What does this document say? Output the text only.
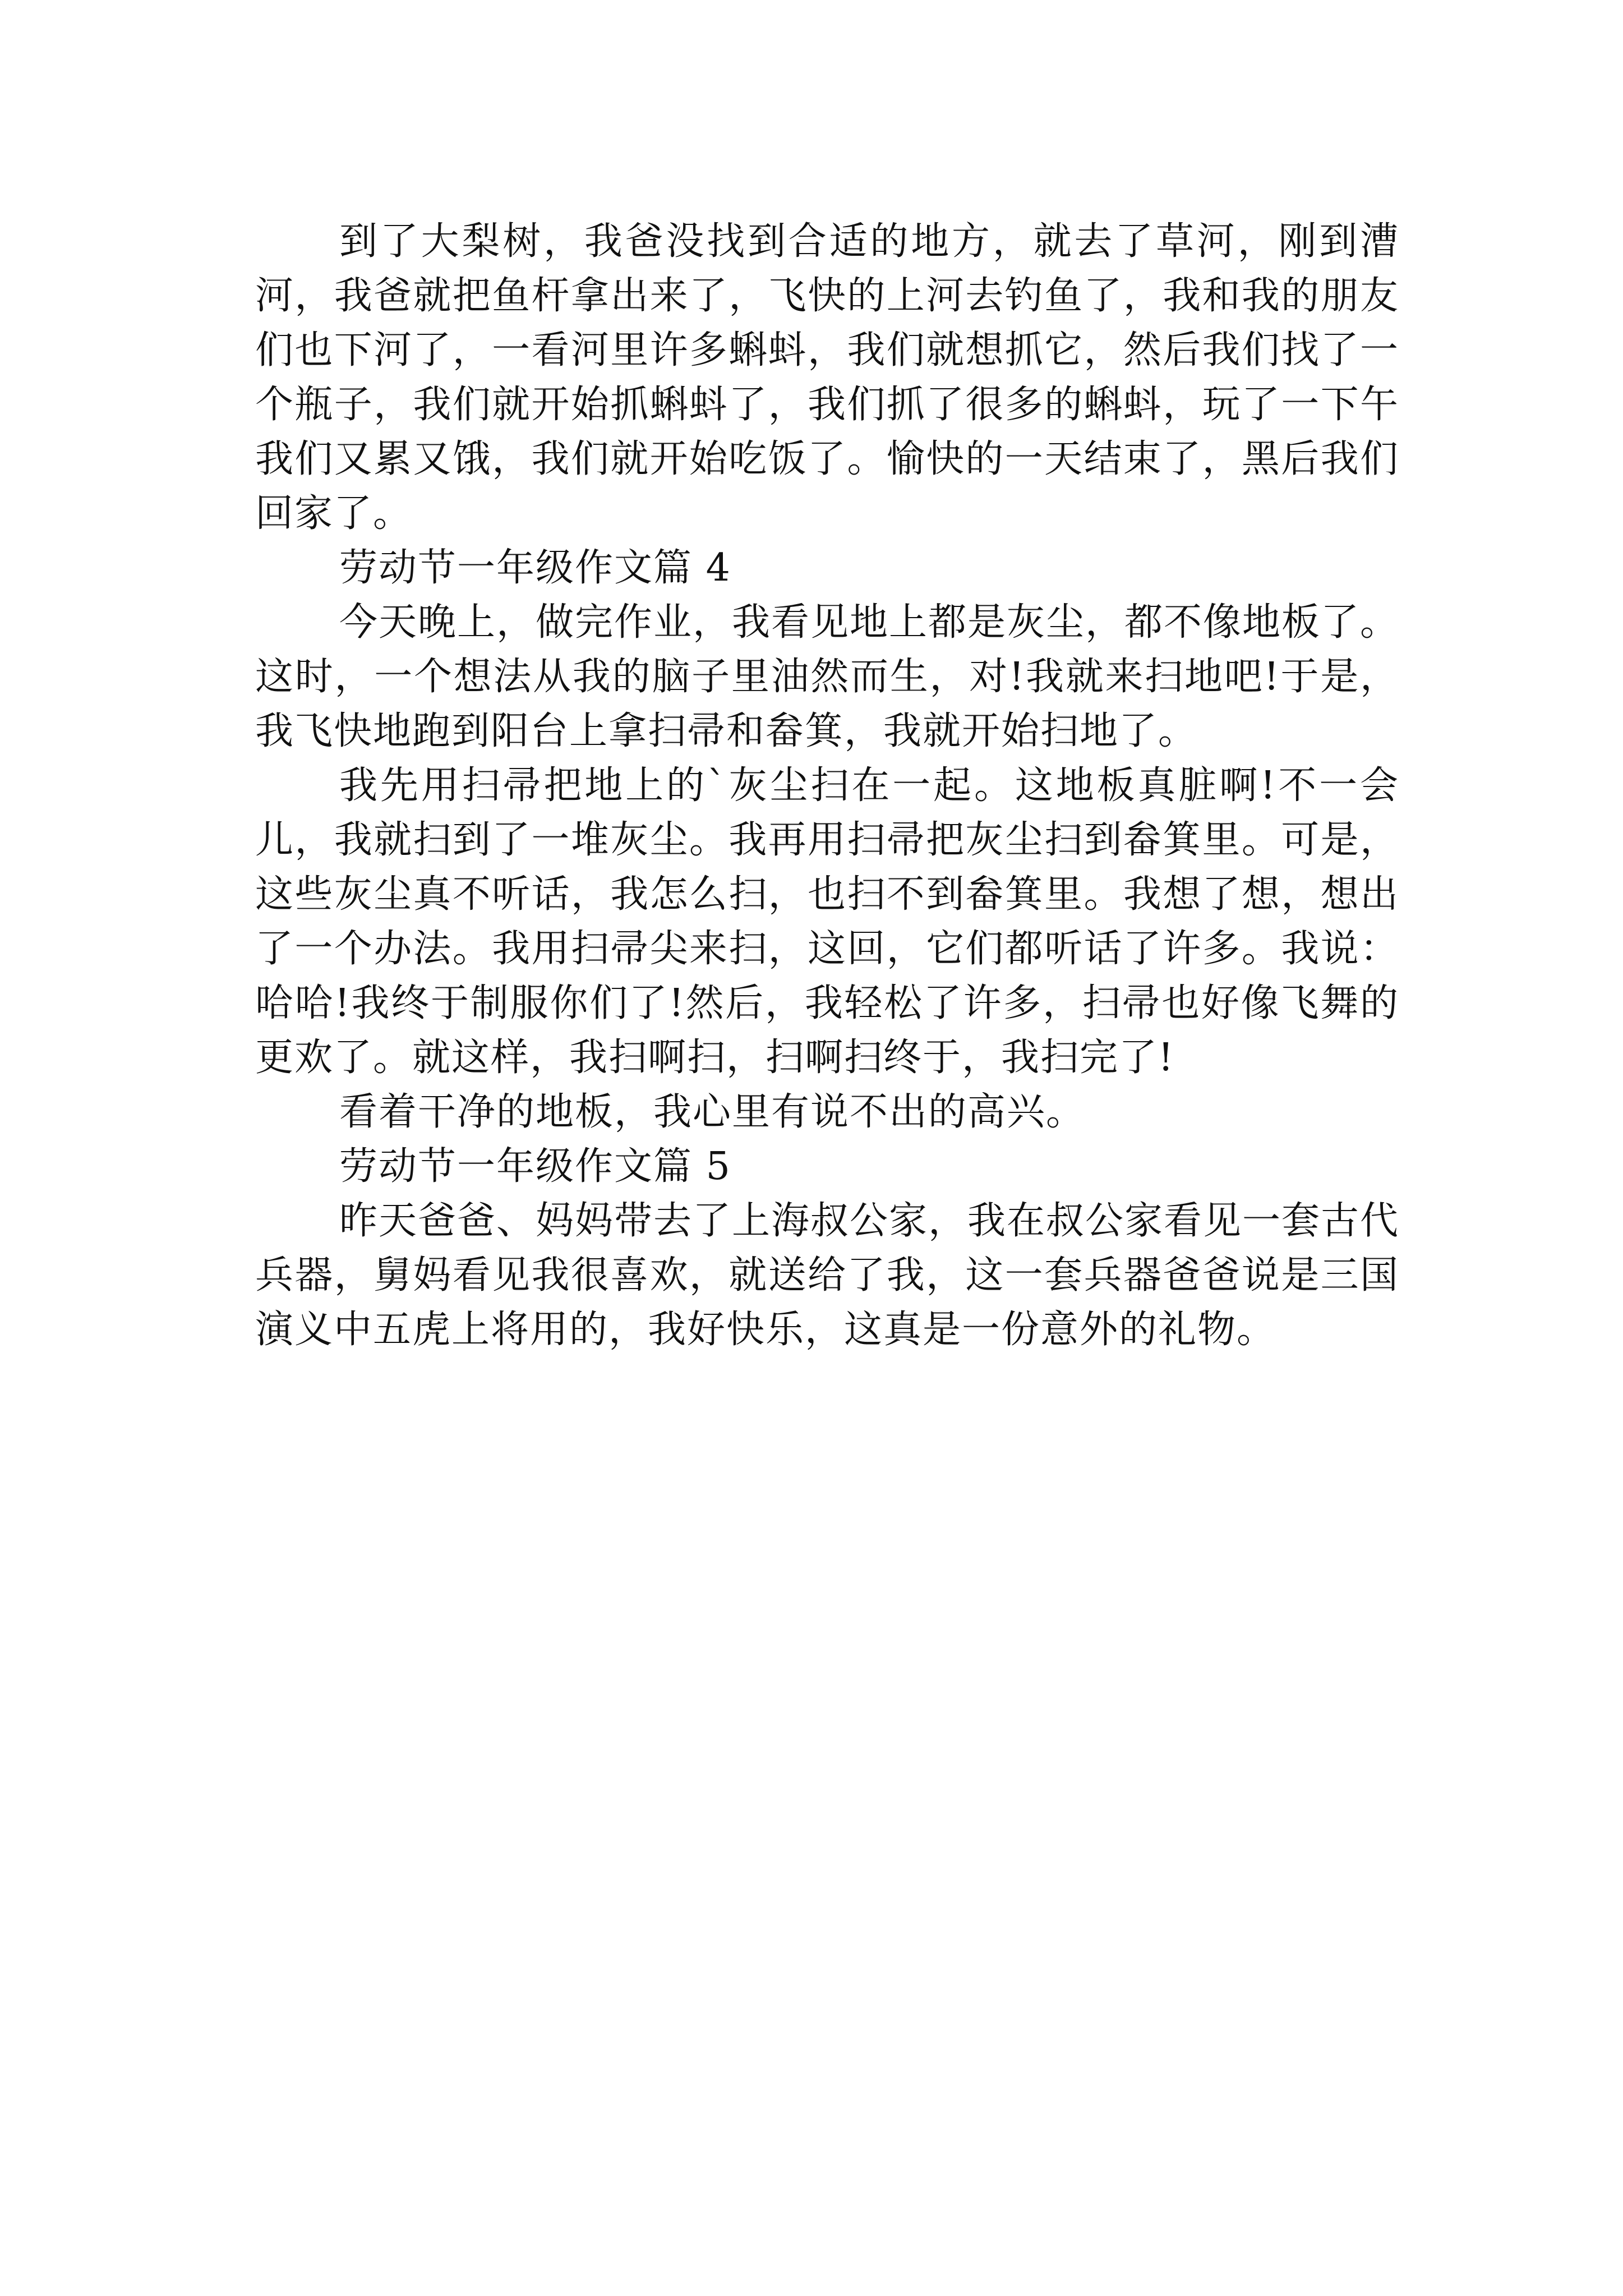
到了大梨树，我爸没找到合适的地方，就去了草河，刚到漕河，我爸就把鱼杆拿出来了，飞快的上河去钓鱼了，我和我的朋友们也下河了，一看河里许多蝌蚪，我们就想抓它，然后我们找了一个瓶子，我们就开始抓蝌蚪了，我们抓了很多的蝌蚪，玩了一下午我们又累又饿，我们就开始吃饭了。愉快的一天结束了，黑后我们回家了。

劳动节一年级作文篇 4

今天晚上，做完作业，我看见地上都是灰尘，都不像地板了。这时，一个想法从我的脑子里油然而生，对!我就来扫地吧!于是，我飞快地跑到阳台上拿扫帚和畚箕，我就开始扫地了。

我先用扫帚把地上的`灰尘扫在一起。这地板真脏啊!不一会儿，我就扫到了一堆灰尘。我再用扫帚把灰尘扫到畚箕里。可是，这些灰尘真不听话，我怎么扫，也扫不到畚箕里。我想了想，想出了一个办法。我用扫帚尖来扫，这回，它们都听话了许多。我说：哈哈!我终于制服你们了!然后，我轻松了许多，扫帚也好像飞舞的更欢了。就这样，我扫啊扫，扫啊扫终于，我扫完了!

看着干净的地板，我心里有说不出的高兴。

劳动节一年级作文篇 5

昨天爸爸、妈妈带去了上海叔公家，我在叔公家看见一套古代兵器，舅妈看见我很喜欢，就送给了我，这一套兵器爸爸说是三国演义中五虎上将用的，我好快乐，这真是一份意外的礼物。
